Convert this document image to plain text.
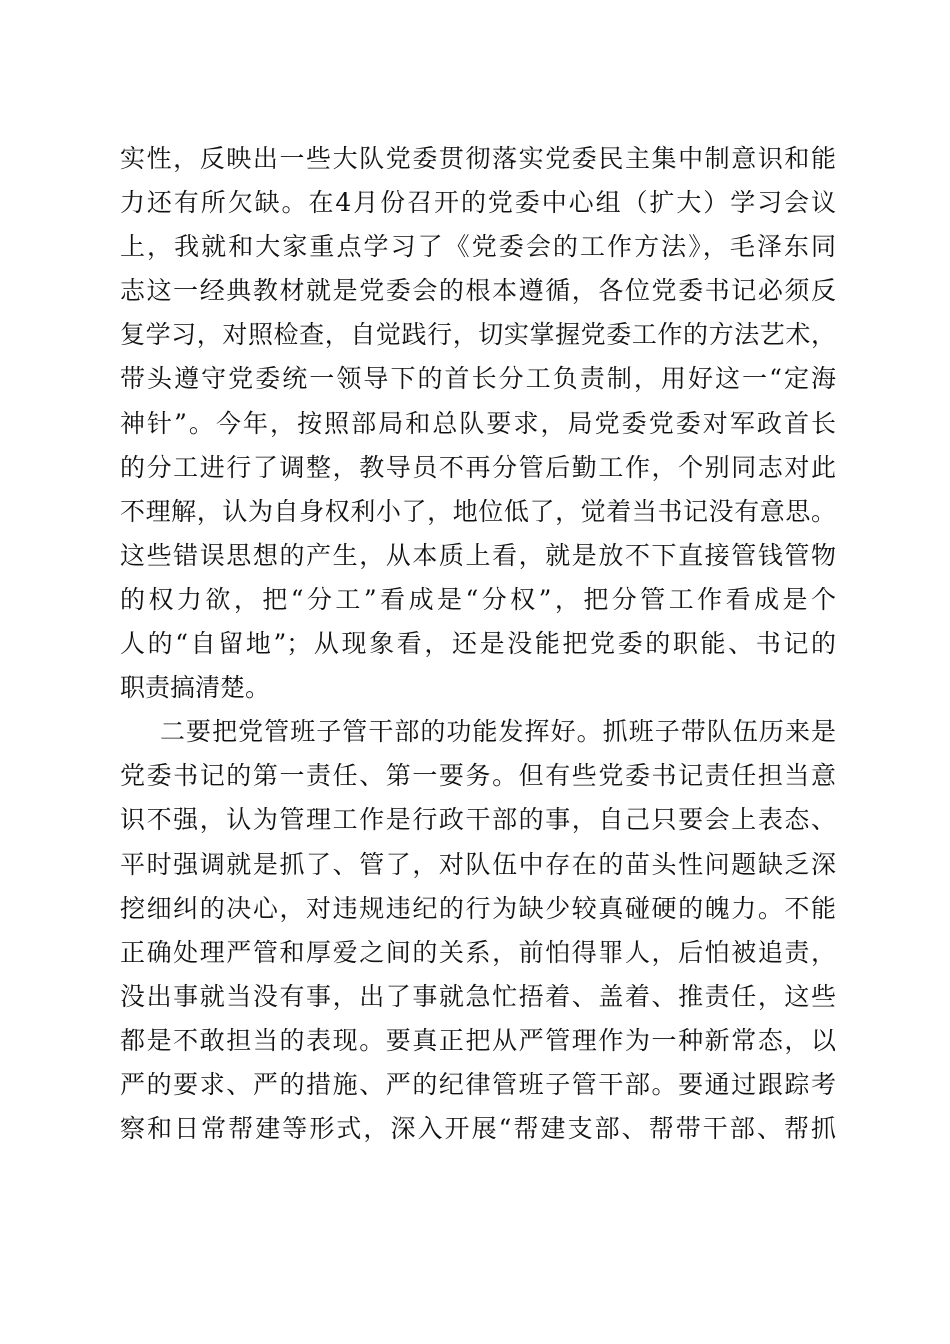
实性，反映出一些大队党委贯彻落实党委民主集中制意识和能
力还有所欠缺。在4月份召开的党委中心组（扩大）学习会议
上，我就和大家重点学习了《党委会的工作方法》，毛泽东同
志这一经典教材就是党委会的根本遵循，各位党委书记必须反
复学习，对照检查，自觉践行，切实掌握党委工作的方法艺术，
带头遵守党委统一领导下的首长分工负责制，用好这一“定海
神针”。今年，按照部局和总队要求，局党委党委对军政首长
的分工进行了调整，教导员不再分管后勤工作，个别同志对此
不理解，认为自身权利小了，地位低了，觉着当书记没有意思。
这些错误思想的产生，从本质上看，就是放不下直接管钱管物
的权力欲，把“分工”看成是“分权”，把分管工作看成是个
人的“自留地”；从现象看，还是没能把党委的职能、书记的
职责搞清楚。
二要把党管班子管干部的功能发挥好。抓班子带队伍历来是
党委书记的第一责任、第一要务。但有些党委书记责任担当意
识不强，认为管理工作是行政干部的事，自己只要会上表态、
平时强调就是抓了、管了，对队伍中存在的苗头性问题缺乏深
挖细纠的决心，对违规违纪的行为缺少较真碰硬的魄力。不能
正确处理严管和厚爱之间的关系，前怕得罪人，后怕被追责，
没出事就当没有事，出了事就急忙捂着、盖着、推责任，这些
都是不敢担当的表现。要真正把从严管理作为一种新常态，以
严的要求、严的措施、严的纪律管班子管干部。要通过跟踪考
察和日常帮建等形式，深入开展“帮建支部、帮带干部、帮抓
